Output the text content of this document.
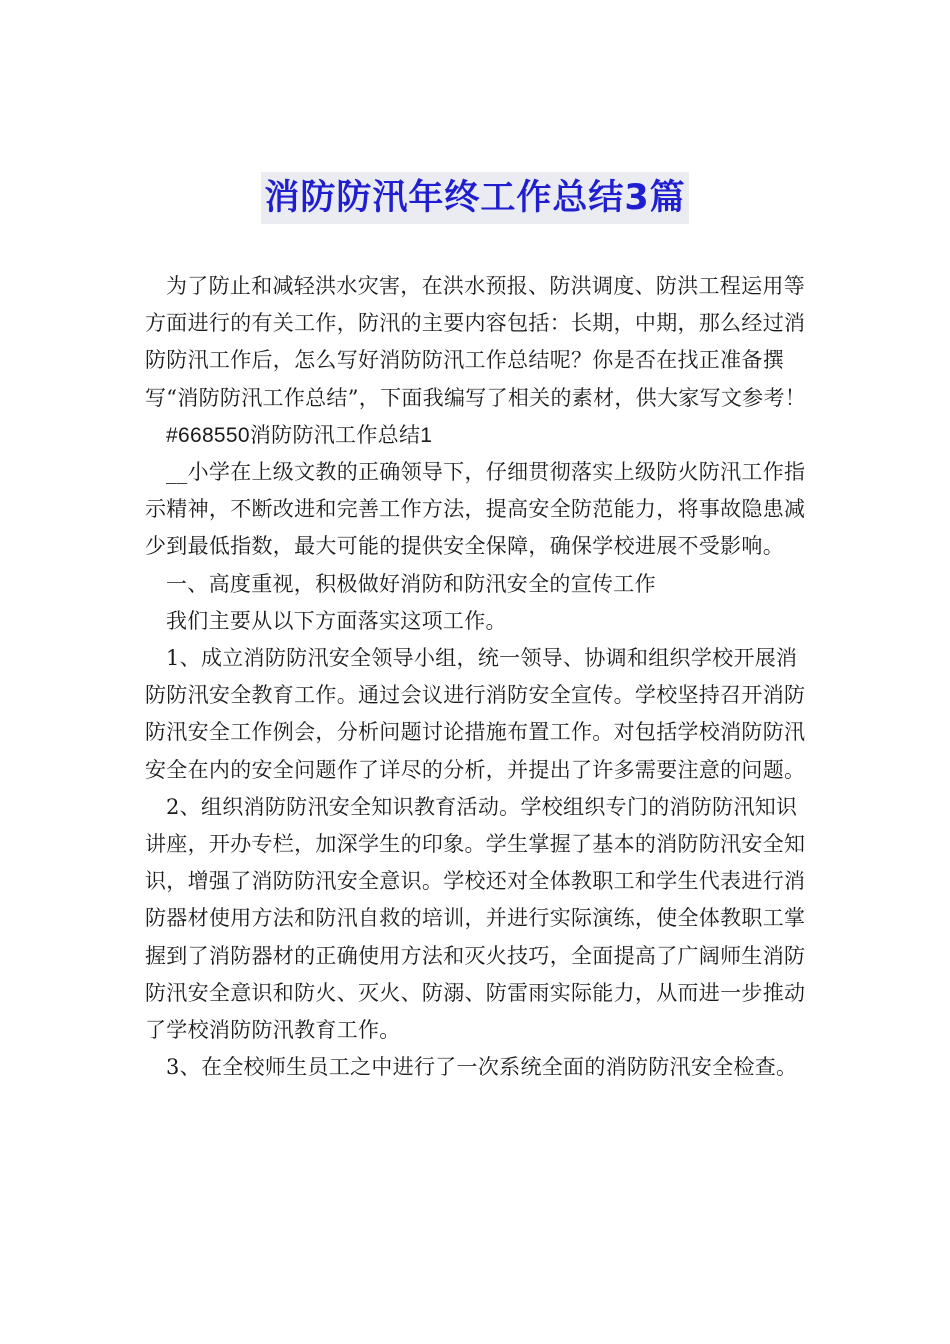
消防防汛年终工作总结3篇

为了防止和减轻洪水灾害，在洪水预报、防洪调度、防洪工程运用等方面进行的有关工作，防汛的主要内容包括：长期，中期，那么经过消防防汛工作后，怎么写好消防防汛工作总结呢？你是否在找正准备撰写“消防防汛工作总结”，下面我编写了相关的素材，供大家写文参考！

#668550消防防汛工作总结1

__小学在上级文教的正确领导下，仔细贯彻落实上级防火防汛工作指示精神，不断改进和完善工作方法，提高安全防范能力，将事故隐患减少到最低指数，最大可能的提供安全保障，确保学校进展不受影响。

一、高度重视，积极做好消防和防汛安全的宣传工作

我们主要从以下方面落实这项工作。

1、成立消防防汛安全领导小组，统一领导、协调和组织学校开展消防防汛安全教育工作。通过会议进行消防安全宣传。学校坚持召开消防防汛安全工作例会，分析问题讨论措施布置工作。对包括学校消防防汛安全在内的安全问题作了详尽的分析，并提出了许多需要注意的问题。

2、组织消防防汛安全知识教育活动。学校组织专门的消防防汛知识讲座，开办专栏，加深学生的印象。学生掌握了基本的消防防汛安全知识，增强了消防防汛安全意识。学校还对全体教职工和学生代表进行消防器材使用方法和防汛自救的培训，并进行实际演练，使全体教职工掌握到了消防器材的正确使用方法和灭火技巧，全面提高了广阔师生消防防汛安全意识和防火、灭火、防溺、防雷雨实际能力，从而进一步推动了学校消防防汛教育工作。

3、在全校师生员工之中进行了一次系统全面的消防防汛安全检查。
